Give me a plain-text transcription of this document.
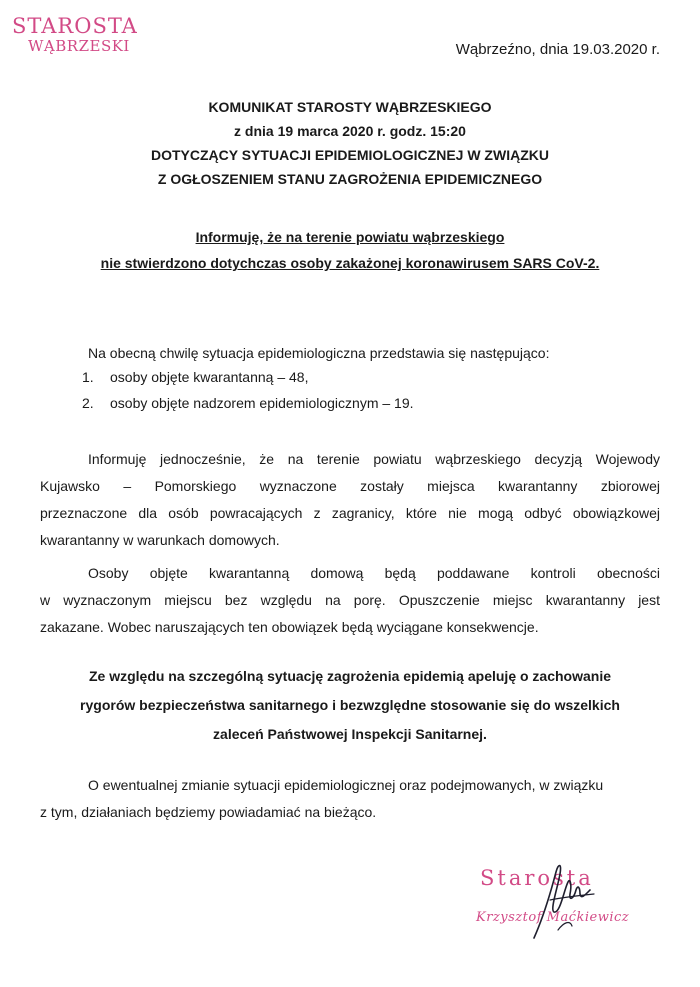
STAROSTA
WĄBRZESKI	Wąbrzeźno, dnia 19.03.2020 r.
KOMUNIKAT STAROSTY WĄBRZESKIEGO
z dnia 19 marca 2020 r. godz. 15:20
DOTYCZĄCY SYTUACJI EPIDEMIOLOGICZNEJ W ZWIĄZKU
Z OGŁOSZENIEM STANU ZAGROŻENIA EPIDEMICZNEGO
Informuję, że na terenie powiatu wąbrzeskiego
nie stwierdzono dotychczas osoby zakażonej koronawirusem SARS CoV-2.
Na obecną chwilę sytuacja epidemiologiczna przedstawia się następująco:
1.	osoby objęte kwarantanną – 48,
2.	osoby objęte nadzorem epidemiologicznym – 19.
Informuję jednocześnie, że na terenie powiatu wąbrzeskiego decyzją Wojewody
Kujawsko – Pomorskiego wyznaczone zostały miejsca kwarantanny zbiorowej
przeznaczone dla osób powracających z zagranicy, które nie mogą odbyć obowiązkowej
kwarantanny w warunkach domowych.
Osoby objęte kwarantanną domową będą poddawane kontroli obecności
w wyznaczonym miejscu bez względu na porę. Opuszczenie miejsc kwarantanny jest
zakazane. Wobec naruszających ten obowiązek będą wyciągane konsekwencje.
Ze względu na szczególną sytuację zagrożenia epidemią apeluję o zachowanie
rygorów bezpieczeństwa sanitarnego i bezwzględne stosowanie się do wszelkich
zaleceń Państwowej Inspekcji Sanitarnej.
O ewentualnej zmianie sytuacji epidemiologicznej oraz podejmowanych, w związku
z tym, działaniach będziemy powiadamiać na bieżąco.
Starosta
Krzysztof Maćkiewicz
